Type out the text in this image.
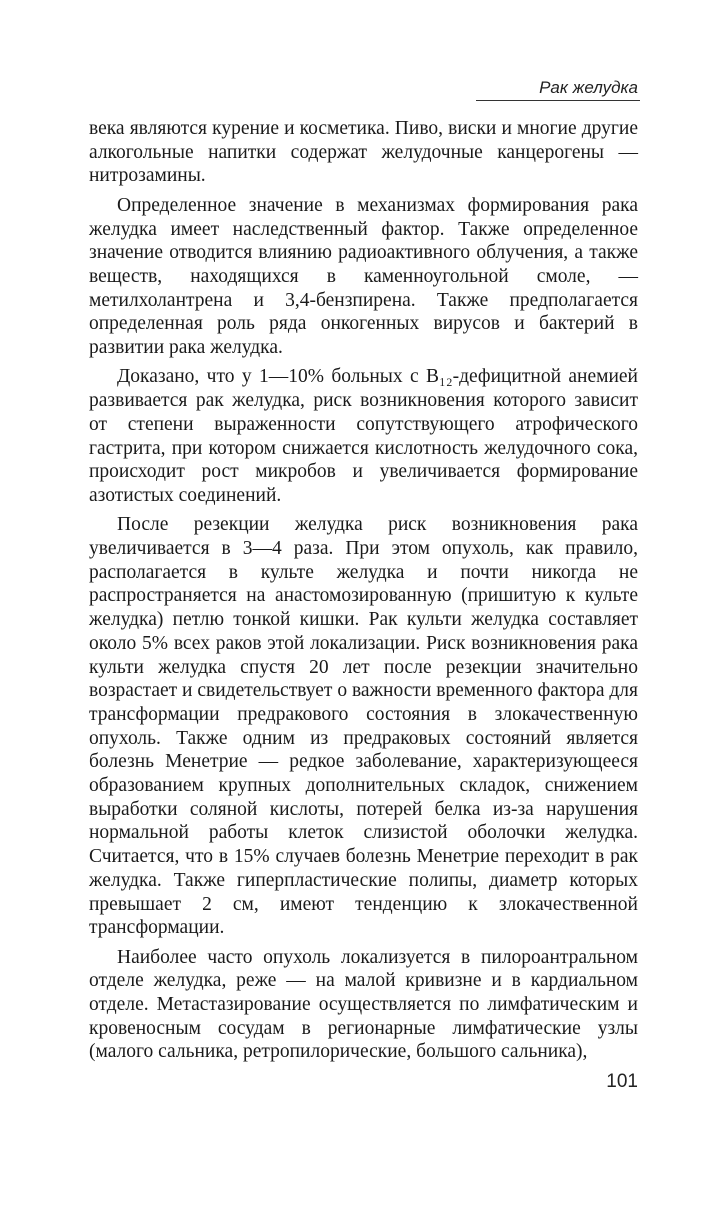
Рак желудка

века являются курение и косметика. Пиво, виски и многие другие алкогольные напитки содержат желудочные канцерогены — нитрозамины.

Определенное значение в механизмах формирования рака желудка имеет наследственный фактор. Также определенное значение отводится влиянию радиоактивного облучения, а также веществ, находящихся в каменноугольной смоле, — метилхолантрена и 3,4-бензпирена. Также предполагается определенная роль ряда онкогенных вирусов и бактерий в развитии рака желудка.

Доказано, что у 1—10% больных с B₁₂-дефицитной анемией развивается рак желудка, риск возникновения которого зависит от степени выраженности сопутствующего атрофического гастрита, при котором снижается кислотность желудочного сока, происходит рост микробов и увеличивается формирование азотистых соединений.

После резекции желудка риск возникновения рака увеличивается в 3—4 раза. При этом опухоль, как правило, располагается в культе желудка и почти никогда не распространяется на анастомозированную (пришитую к культе желудка) петлю тонкой кишки. Рак культи желудка составляет около 5% всех раков этой локализации. Риск возникновения рака культи желудка спустя 20 лет после резекции значительно возрастает и свидетельствует о важности временного фактора для трансформации предракового состояния в злокачественную опухоль. Также одним из предраковых состояний является болезнь Менетрие — редкое заболевание, характеризующееся образованием крупных дополнительных складок, снижением выработки соляной кислоты, потерей белка из-за нарушения нормальной работы клеток слизистой оболочки желудка. Считается, что в 15% случаев болезнь Менетрие переходит в рак желудка. Также гиперпластические полипы, диаметр которых превышает 2 см, имеют тенденцию к злокачественной трансформации.

Наиболее часто опухоль локализуется в пилороантральном отделе желудка, реже — на малой кривизне и в кардиальном отделе. Метастазирование осуществляется по лимфатическим и кровеносным сосудам в регионарные лимфатические узлы (малого сальника, ретропилорические, большого сальника),

101
